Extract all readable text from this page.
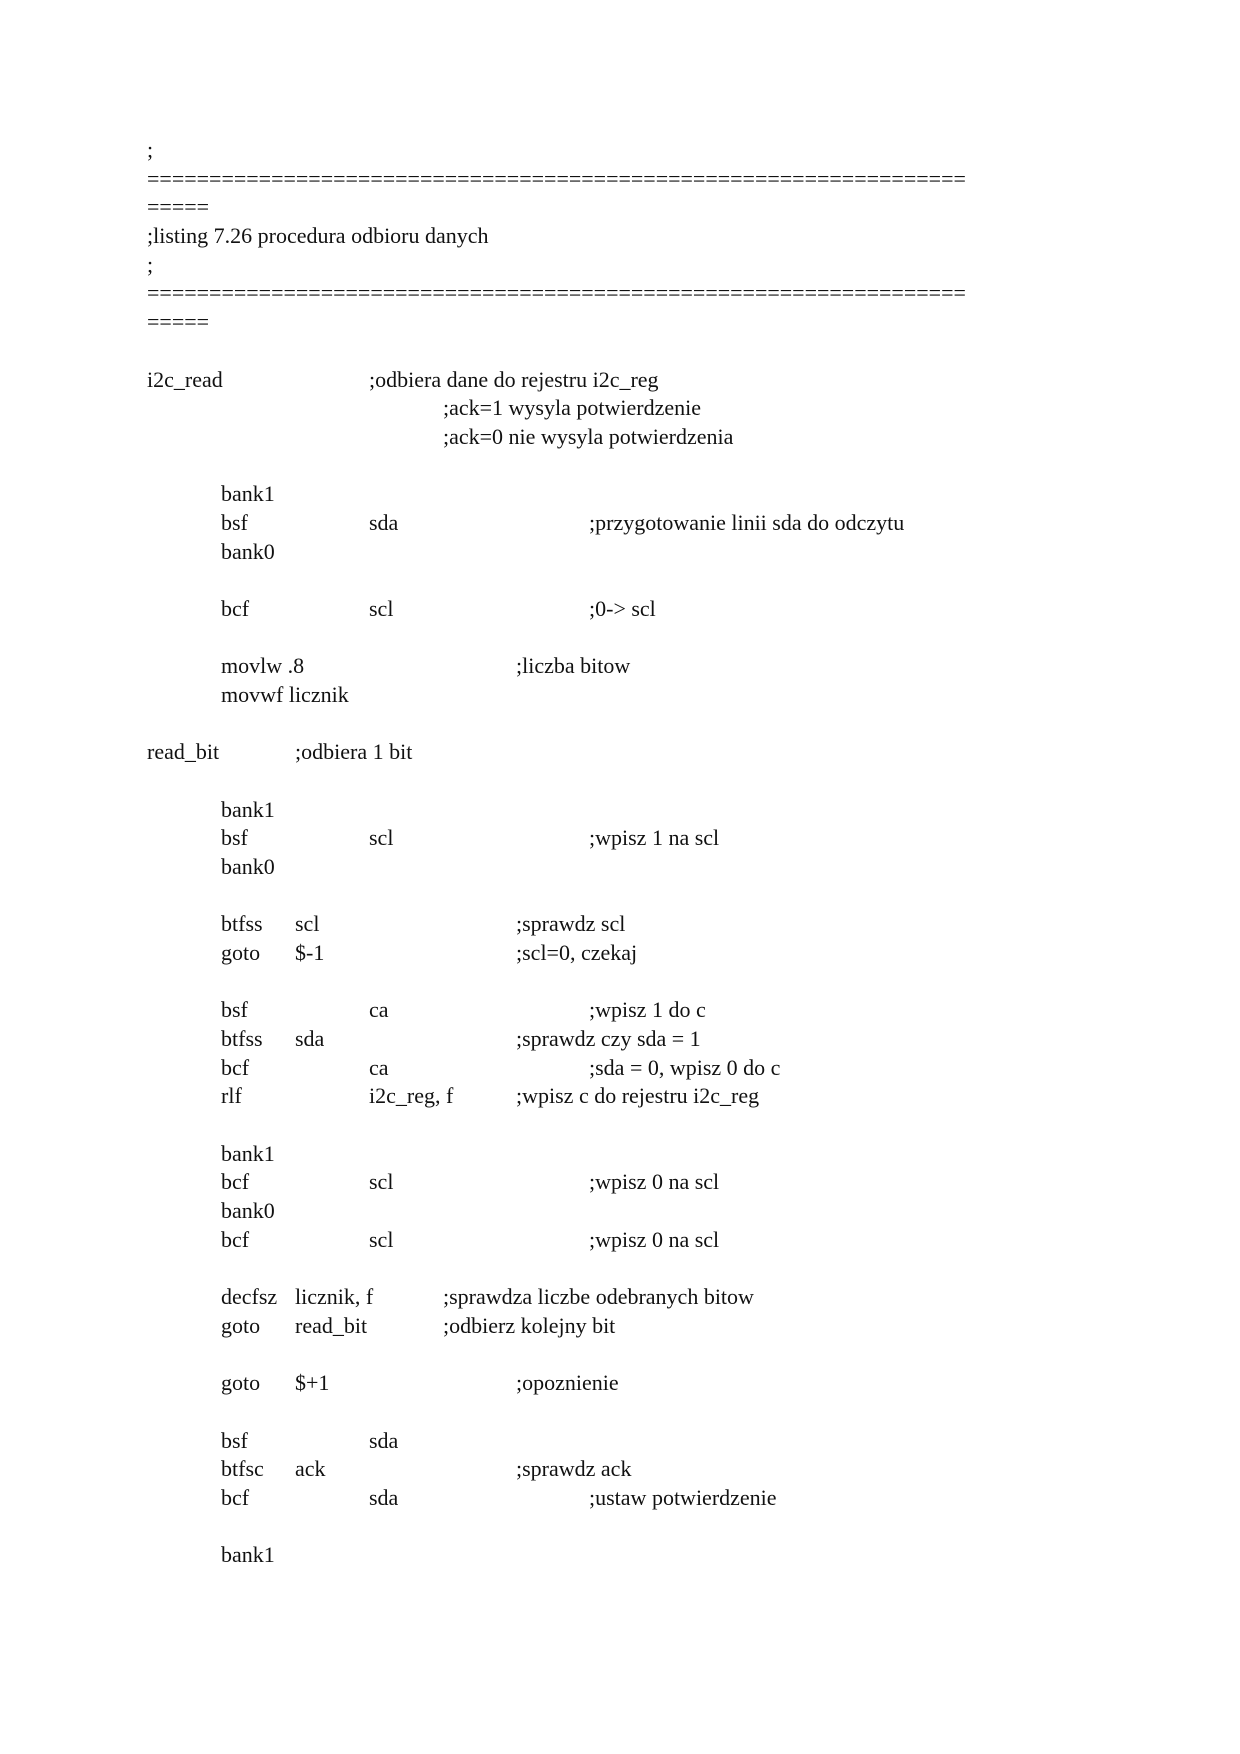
;
==================================================================
=====
;listing 7.26 procedura odbioru danych
;
==================================================================
=====
i2c_read	;odbiera dane do rejestru i2c_reg
;ack=1 wysyla potwierdzenie
;ack=0 nie wysyla potwierdzenia
bank1
bsf	sda	;przygotowanie linii sda do odczytu
bank0
bcf	scl	;0-> scl
movlw .8	;liczba bitow
movwf licznik
read_bit	;odbiera 1 bit
bank1
bsf	scl	;wpisz 1 na scl
bank0
btfss scl	;sprawdz scl
goto $-1	;scl=0, czekaj
bsf	ca	;wpisz 1 do c
btfss sda	;sprawdz czy sda = 1
bcf	ca	;sda = 0, wpisz 0 do c
rlf	i2c_reg, f	;wpisz c do rejestru i2c_reg
bank1
bcf	scl	;wpisz 0 na scl
bank0
bcf	scl	;wpisz 0 na scl
decfsz licznik, f	;sprawdza liczbe odebranych bitow
goto read_bit	;odbierz kolejny bit
goto $+1	;opoznienie
bsf	sda
btfsc ack	;sprawdz ack
bcf	sda	;ustaw potwierdzenie
bank1
